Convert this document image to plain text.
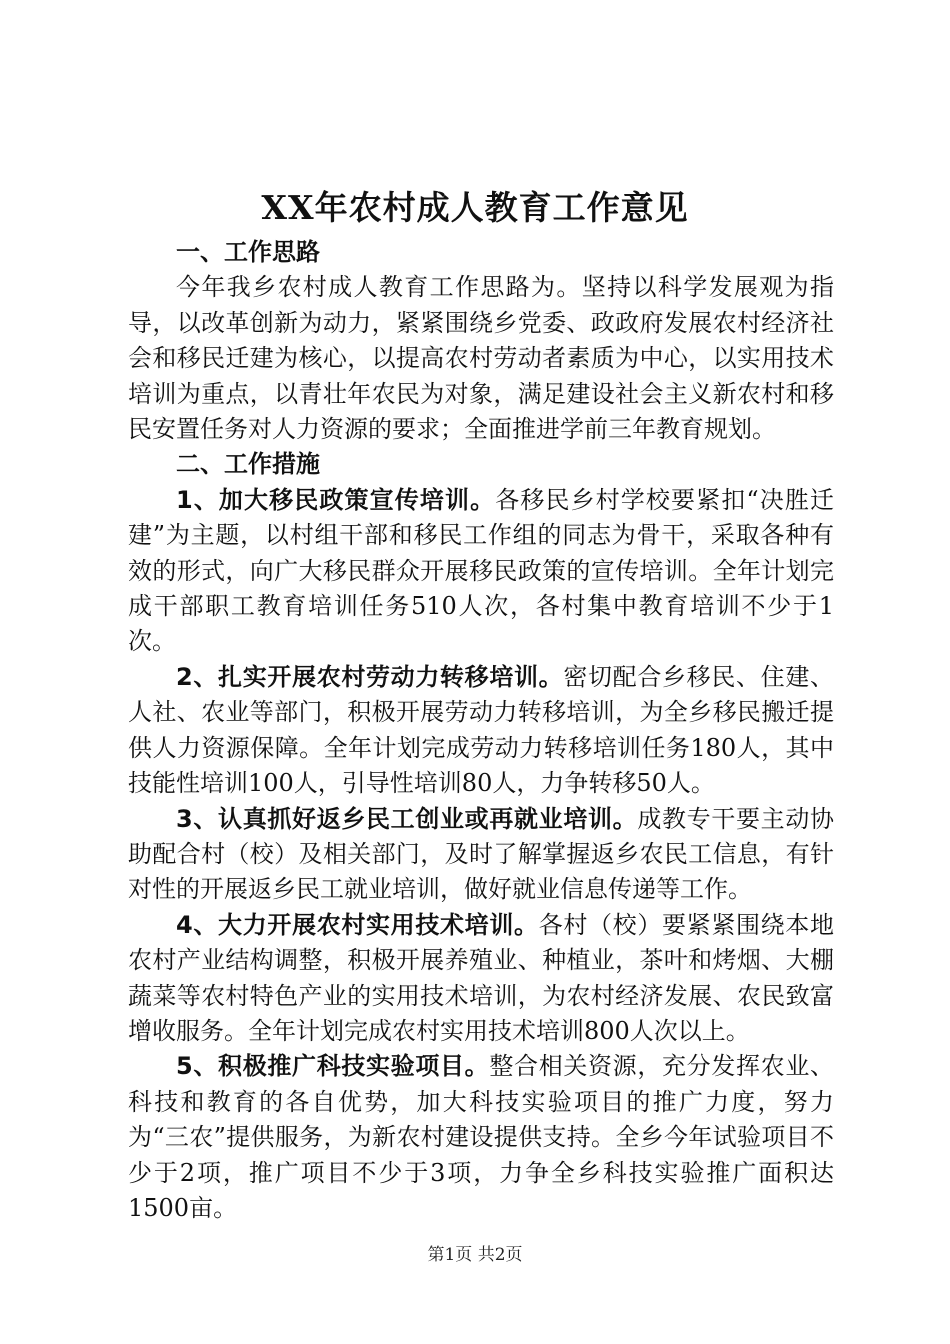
XX年农村成人教育工作意见

一、工作思路

今年我乡农村成人教育工作思路为。坚持以科学发展观为指导，以改革创新为动力，紧紧围绕乡党委、政政府发展农村经济社会和移民迁建为核心，以提高农村劳动者素质为中心，以实用技术培训为重点，以青壮年农民为对象，满足建设社会主义新农村和移民安置任务对人力资源的要求；全面推进学前三年教育规划。

二、工作措施

1、加大移民政策宣传培训。各移民乡村学校要紧扣“决胜迁建”为主题，以村组干部和移民工作组的同志为骨干，采取各种有效的形式，向广大移民群众开展移民政策的宣传培训。全年计划完成干部职工教育培训任务510人次，各村集中教育培训不少于1次。

2、扎实开展农村劳动力转移培训。密切配合乡移民、住建、人社、农业等部门，积极开展劳动力转移培训，为全乡移民搬迁提供人力资源保障。全年计划完成劳动力转移培训任务180人，其中技能性培训100人，引导性培训80人，力争转移50人。

3、认真抓好返乡民工创业或再就业培训。成教专干要主动协助配合村（校）及相关部门，及时了解掌握返乡农民工信息，有针对性的开展返乡民工就业培训，做好就业信息传递等工作。

4、大力开展农村实用技术培训。各村（校）要紧紧围绕本地农村产业结构调整，积极开展养殖业、种植业，茶叶和烤烟、大棚蔬菜等农村特色产业的实用技术培训，为农村经济发展、农民致富增收服务。全年计划完成农村实用技术培训800人次以上。

5、积极推广科技实验项目。整合相关资源，充分发挥农业、科技和教育的各自优势，加大科技实验项目的推广力度，努力为“三农”提供服务，为新农村建设提供支持。全乡今年试验项目不少于2项，推广项目不少于3项，力争全乡科技实验推广面积达1500亩。

第1页 共2页
